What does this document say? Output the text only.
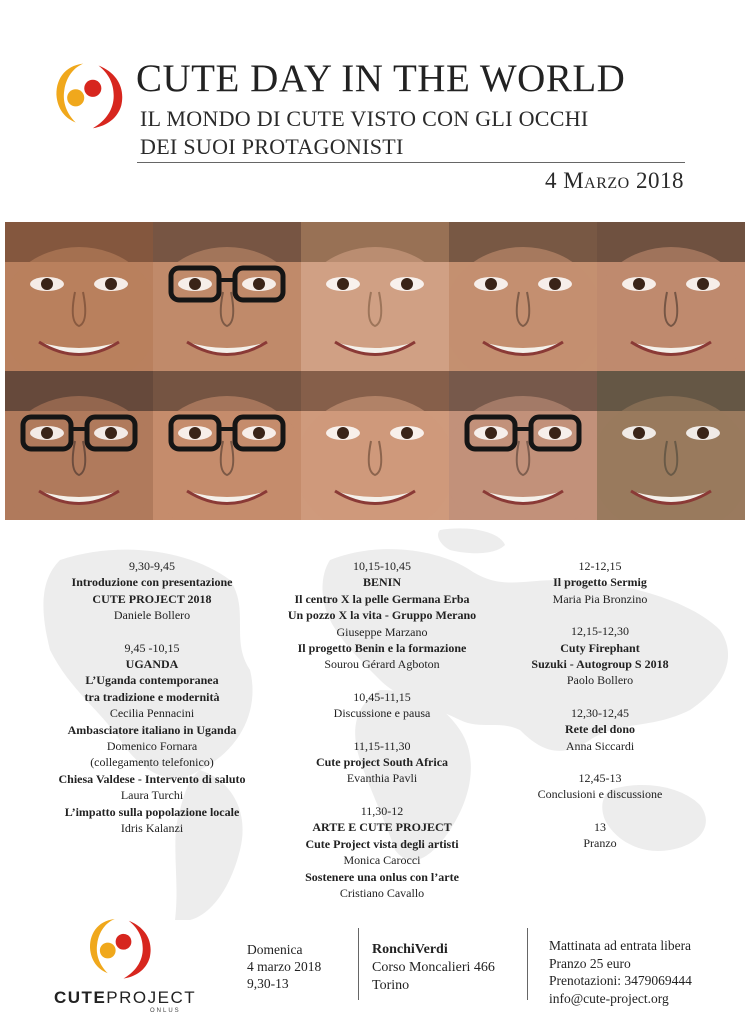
CUTE DAY IN THE WORLD
IL MONDO DI CUTE VISTO CON GLI OCCHI
DEI SUOI PROTAGONISTI
4 Marzo 2018
9,30-9,45
Introduzione con presentazione
CUTE PROJECT 2018
Daniele Bollero
9,45 -10,15
UGANDA
L’Uganda contemporanea
tra tradizione e modernità
Cecilia Pennacini
Ambasciatore italiano in Uganda
Domenico Fornara
(collegamento telefonico)
Chiesa Valdese - Intervento di saluto
Laura Turchi
L’impatto sulla popolazione locale
Idris Kalanzi
10,15-10,45
BENIN
Il centro X la pelle Germana Erba
Un pozzo X la vita - Gruppo Merano
Giuseppe Marzano
Il progetto Benin e la formazione
Sourou Gérard Agboton
10,45-11,15
Discussione e pausa
11,15-11,30
Cute project South Africa
Evanthia Pavli
11,30-12
ARTE E CUTE PROJECT
Cute Project vista degli artisti
Monica Carocci
Sostenere una onlus con l’arte
Cristiano Cavallo
12-12,15
Il progetto Sermig
Maria Pia Bronzino
12,15-12,30
Cuty Firephant
Suzuki - Autogroup S 2018
Paolo Bollero
12,30-12,45
Rete del dono
Anna Siccardi
12,45-13
Conclusioni e discussione
13
Pranzo
CUTEPROJECT
ONLUS
Domenica
4 marzo 2018
9,30-13
RonchiVerdi
Corso Moncalieri 466
Torino
Mattinata ad entrata libera
Pranzo 25 euro
Prenotazioni: 3479069444
info@cute-project.org
